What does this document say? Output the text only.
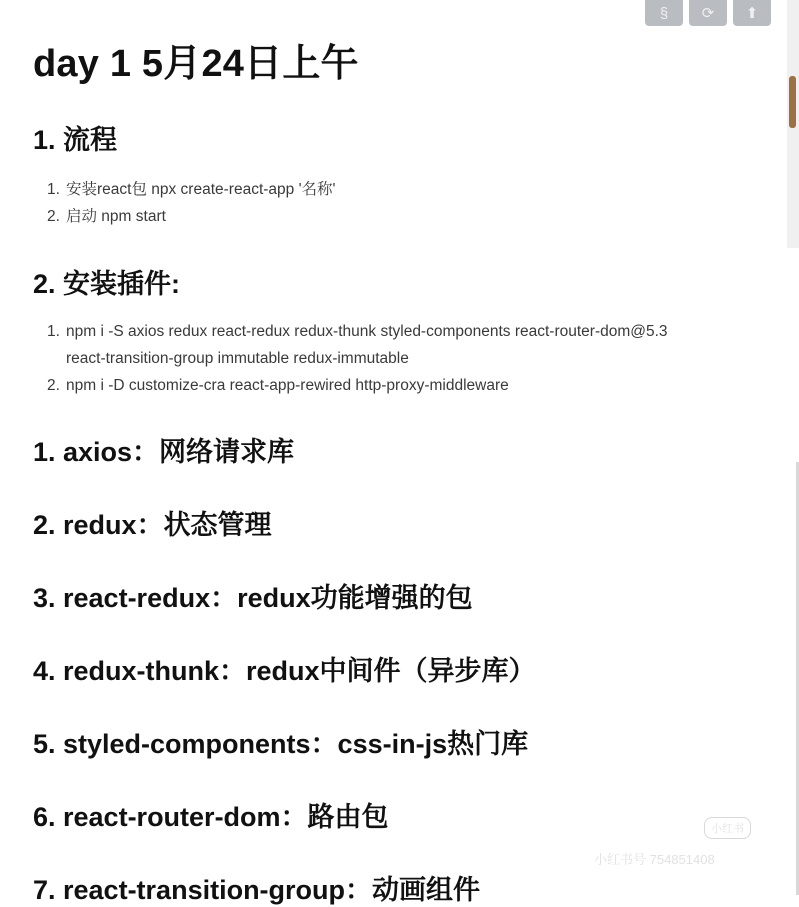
§	⟳	⬆
day 1 5月24日上午
1. 流程
1. 安装react包 npx create-react-app '名称'
2. 启动 npm start
2. 安装插件:
1. npm i -S axios redux react-redux redux-thunk styled-components react-router-dom@5.3
react-transition-group immutable redux-immutable
2. npm i -D customize-cra react-app-rewired http-proxy-middleware
1. axios：网络请求库
2. redux：状态管理
3. react-redux：redux功能增强的包
4. redux-thunk：redux中间件（异步库）
5. styled-components：css-in-js热门库
6. react-router-dom：路由包
7. react-transition-group：动画组件
小红书
小红书号 754851408
